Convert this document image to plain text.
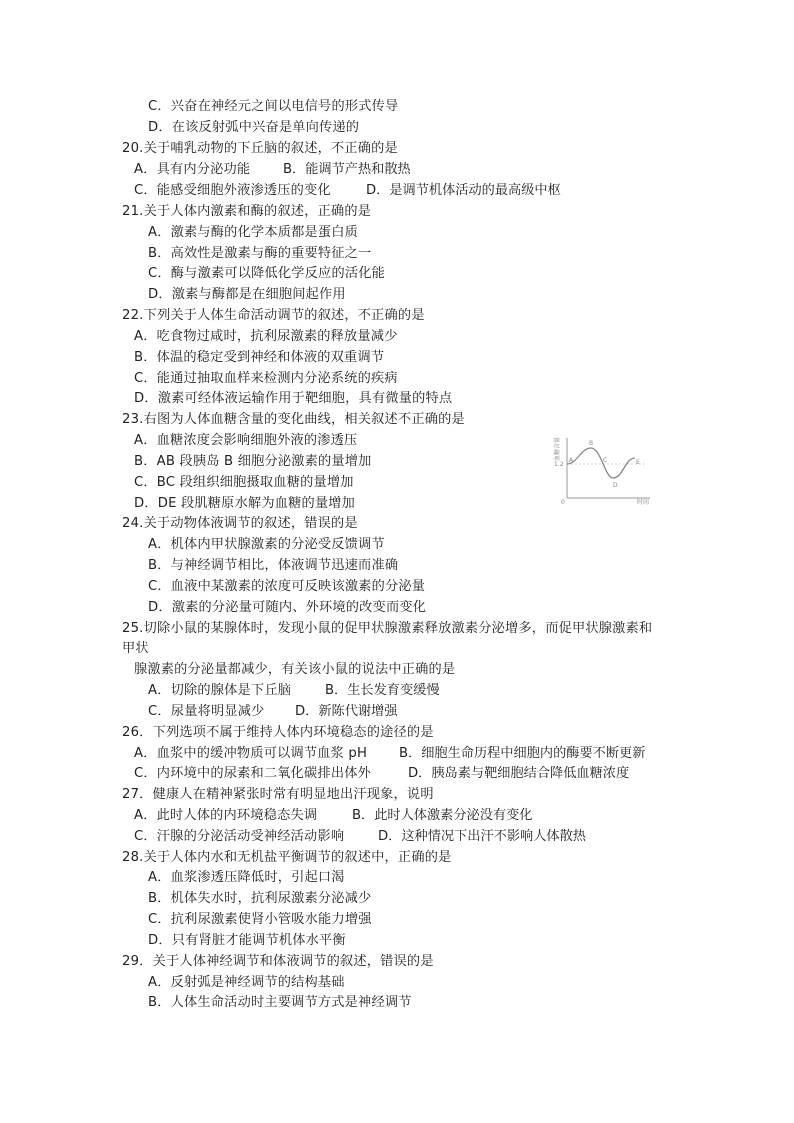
C．兴奋在神经元之间以电信号的形式传导
D．在该反射弧中兴奋是单向传递的
20.关于哺乳动物的下丘脑的叙述，不正确的是
A．具有内分泌功能 B．能调节产热和散热
C．能感受细胞外液渗透压的变化	D．是调节机体活动的最高级中枢
21.关于人体内激素和酶的叙述，正确的是
A．激素与酶的化学本质都是蛋白质
B．高效性是激素与酶的重要特征之一
C．酶与激素可以降低化学反应的活化能
D．激素与酶都是在细胞间起作用
22.下列关于人体生命活动调节的叙述，不正确的是
A．吃食物过咸时，抗利尿激素的释放量减少
B．体温的稳定受到神经和体液的双重调节
C．能通过抽取血样来检测内分泌系统的疾病
D．激素可经体液运输作用于靶细胞，具有微量的特点
23.右图为人体血糖含量的变化曲线，相关叙述不正确的是
A．血糖浓度会影响细胞外液的渗透压
B．AB 段胰岛 B 细胞分泌激素的量增加
C．BC 段组织细胞摄取血糖的量增加
D．DE 段肌糖原水解为血糖的量增加
血糖含量
1.2
0	时间
A
B
C
D
E
24.关于动物体液调节的叙述，错误的是
A．机体内甲状腺激素的分泌受反馈调节
B．与神经调节相比，体液调节迅速而准确
C．血液中某激素的浓度可反映该激素的分泌量
D．激素的分泌量可随内、外环境的改变而变化
25.切除小鼠的某腺体时，发现小鼠的促甲状腺激素释放激素分泌增多，而促甲状腺激素和
甲状
腺激素的分泌量都减少，有关该小鼠的说法中正确的是
A．切除的腺体是下丘脑	B．生长发育变缓慢
C．尿量将明显减少 D．新陈代谢增强
26．下列选项不属于维持人体内环境稳态的途径的是
A．血浆中的缓冲物质可以调节血浆 pH B．细胞生命历程中细胞内的酶要不断更新
C．内环境中的尿素和二氧化碳排出体外	D．胰岛素与靶细胞结合降低血糖浓度
27．健康人在精神紧张时常有明显地出汗现象，说明
A．此时人体的内环境稳态失调	B．此时人体激素分泌没有变化
C．汗腺的分泌活动受神经活动影响	D．这种情况下出汗不影响人体散热
28.关于人体内水和无机盐平衡调节的叙述中，正确的是
A．血浆渗透压降低时，引起口渴
B．机体失水时，抗利尿激素分泌减少
C．抗利尿激素使肾小管吸水能力增强
D．只有肾脏才能调节机体水平衡
29．关于人体神经调节和体液调节的叙述，错误的是
A．反射弧是神经调节的结构基础
B．人体生命活动时主要调节方式是神经调节
